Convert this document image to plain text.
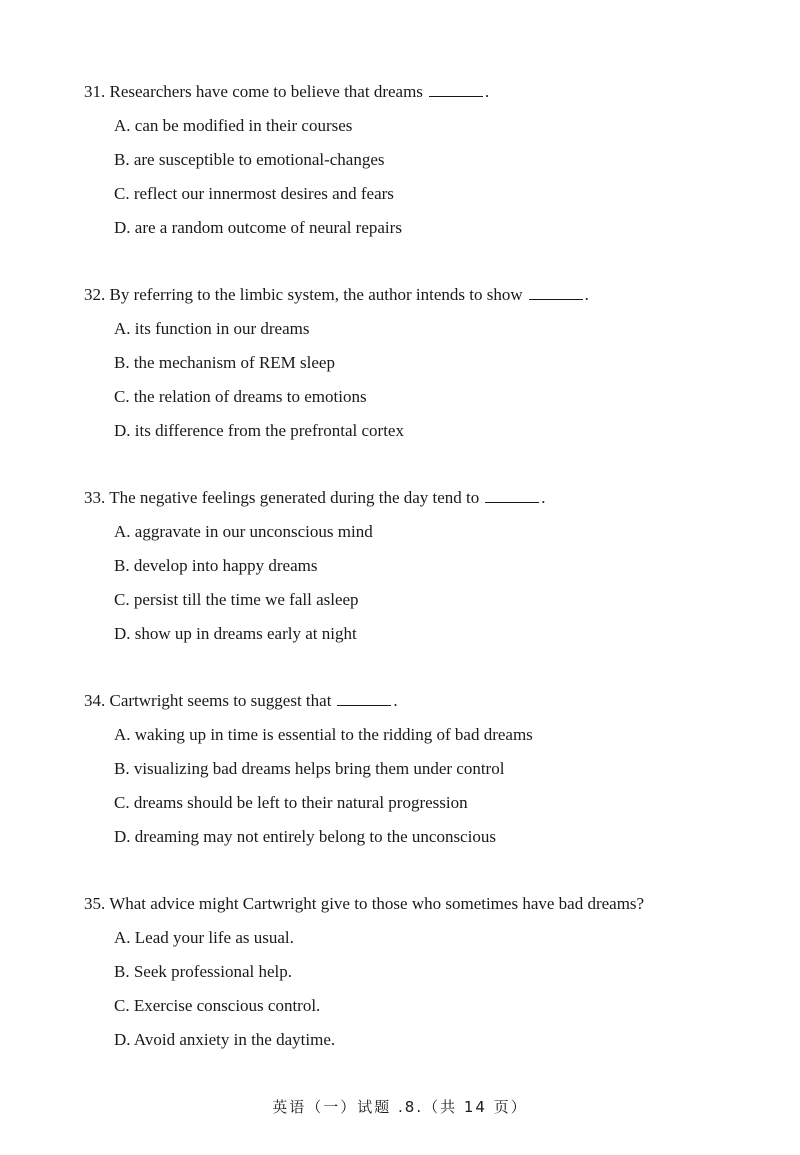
31. Researchers have come to believe that dreams	.
A. can be modified in their courses
B. are susceptible to emotional-changes
C. reflect our innermost desires and fears
D. are a random outcome of neural repairs
32. By referring to the limbic system, the author intends to show	.
A. its function in our dreams
B. the mechanism of REM sleep
C. the relation of dreams to emotions
D. its difference from the prefrontal cortex
33. The negative feelings generated during the day tend to	.
A. aggravate in our unconscious mind
B. develop into happy dreams
C. persist till the time we fall asleep
D. show up in dreams early at night
34. Cartwright seems to suggest that	.
A. waking up in time is essential to the ridding of bad dreams
B. visualizing bad dreams helps bring them under control
C. dreams should be left to their natural progression
D. dreaming may not entirely belong to the unconscious
35. What advice might Cartwright give to those who sometimes have bad dreams?
A. Lead your life as usual.
B. Seek professional help.
C. Exercise conscious control.
D. Avoid anxiety in the daytime.
英语（一）试题 .8.（共 14 页）
